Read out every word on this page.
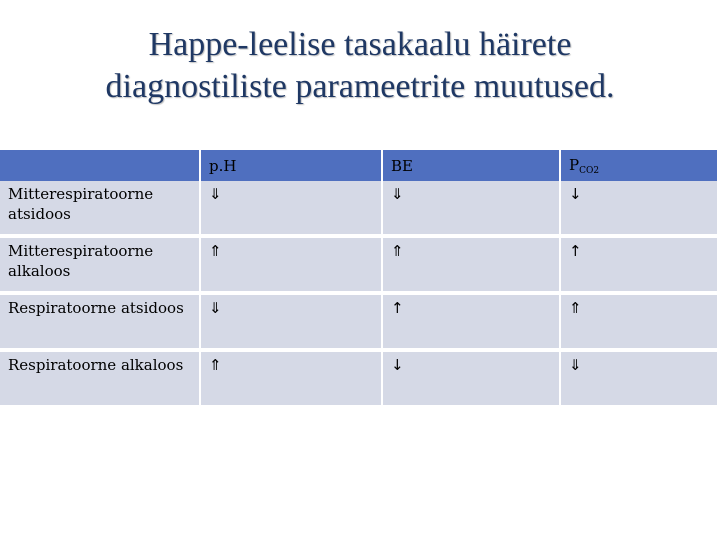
Happe-leelise tasakaalu häirete
diagnostiliste parameetrite muutused.
	p.H	BE	$P_{CO2}$
Mitterespiratoorne atsidoos	⇓	⇓	↓
Mitterespiratoorne alkaloos	⇑	⇑	↑
Respiratoorne atsidoos	⇓	↑	⇑
Respiratoorne alkaloos	⇑	↓	⇓
